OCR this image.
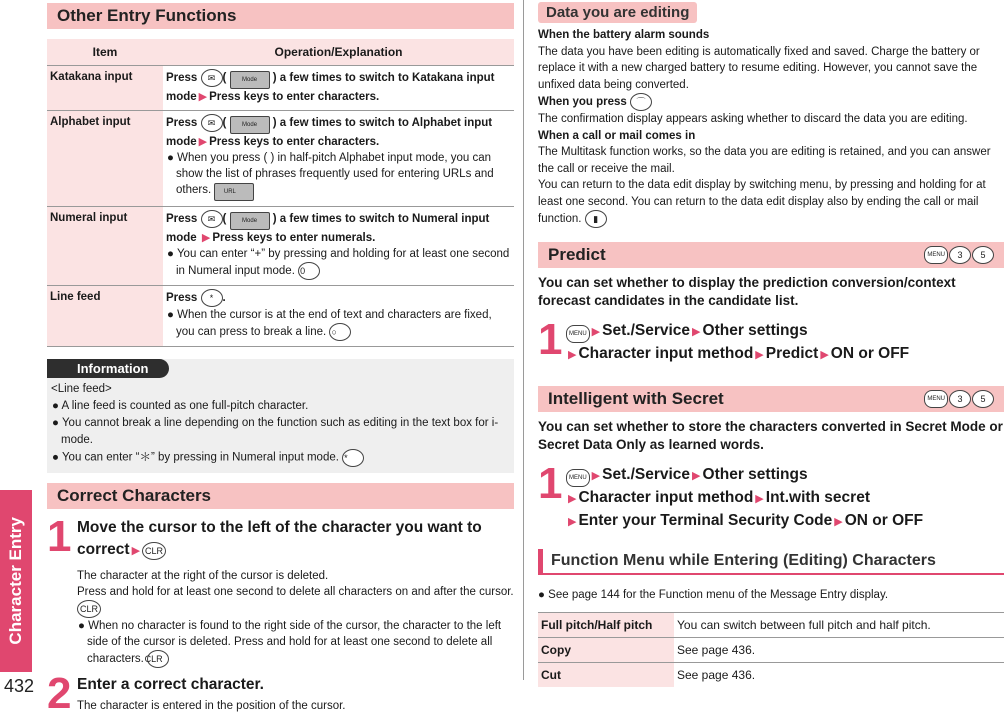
Character Entry
432
Other Entry Functions
Item	Operation/Explanation
Katakana input	Press ✉ ( Mode ) a few times to switch to Katakana input mode ▶ Press keys to enter characters.
Alphabet input	Press ✉ ( Mode ) a few times to switch to Alphabet input mode ▶ Press keys to enter characters.
● When you press ( ) in half-pitch Alphabet input mode, you can show the list of phrases frequently used for entering URLs and others. URL

Numeral input	Press ✉ ( Mode ) a few times to switch to Numeral input mode ▶ Press keys to enter numerals.
● You can enter “+” by pressing and holding for at least one second in Numeral input mode. 0

Line feed	Press * .
● When the cursor is at the end of text and characters are fixed, you can press to break a line. ○
Information
<Line feed>
● A line feed is counted as one full-pitch character.
● You cannot break a line depending on the function such as editing in the text box for i-mode.
● You can enter “＊” by pressing in Numeral input mode. *
Correct Characters
1 Move the cursor to the left of the character you want to correct ▶ CLR
The character at the right of the cursor is deleted.
Press and hold for at least one second to delete all characters on and after the cursor. CLR
● When no character is found to the right side of the cursor, the character to the left side of the cursor is deleted. Press and hold for at least one second to delete all characters. CLR
2 Enter a correct character.
The character is entered in the position of the cursor.
Data you are editing
When the battery alarm sounds
The data you have been editing is automatically fixed and saved. Charge the battery or replace it with a new charged battery to resume editing. However, you cannot save the unfixed data being converted.
When you press ⌒
The confirmation display appears asking whether to discard the data you are editing.
When a call or mail comes in
The Multitask function works, so the data you are editing is retained, and you can answer the call or receive the mail.
You can return to the data edit display by switching menu, by pressing and holding for at least one second. You can return to the data edit display also by ending the call or mail function. ▮
Predict	MENU	3	5
You can set whether to display the prediction conversion/context forecast candidates in the candidate list.
1	MENU ▶ Set./Service ▶ Other settings
▶ Character input method ▶ Predict ▶ ON or OFF
Intelligent with Secret	MENU	3	5
You can set whether to store the characters converted in Secret Mode or Secret Data Only as learned words.
1	MENU ▶ Set./Service ▶ Other settings
▶ Character input method ▶ Int.with secret
▶ Enter your Terminal Security Code ▶ ON or OFF
Function Menu while Entering (Editing) Characters
● See page 144 for the Function menu of the Message Entry display.
Full pitch/Half pitch	You can switch between full pitch and half pitch.
Copy	See page 436.
Cut	See page 436.
